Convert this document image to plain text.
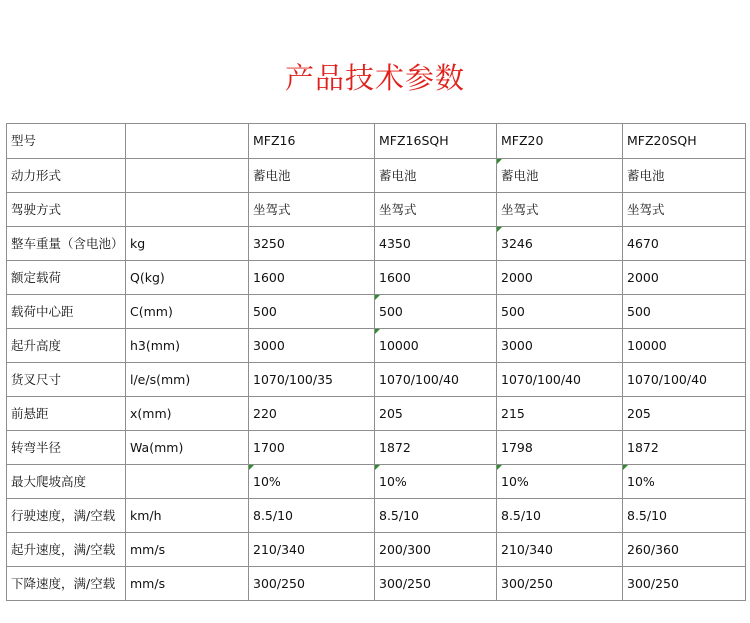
产品技术参数
型号		MFZ16	MFZ16SQH	MFZ20	MFZ20SQH
动力形式		蓄电池	蓄电池	蓄电池	蓄电池
驾驶方式		坐驾式	坐驾式	坐驾式	坐驾式
整车重量（含电池）	kg	3250	4350	3246	4670
额定载荷	Q(kg)	1600	1600	2000	2000
载荷中心距	C(mm)	500	500	500	500
起升高度	h3(mm)	3000	10000	3000	10000
货叉尺寸	l/e/s(mm)	1070/100/35	1070/100/40	1070/100/40	1070/100/40
前悬距	x(mm)	220	205	215	205
转弯半径	Wa(mm)	1700	1872	1798	1872
最大爬坡高度		10%	10%	10%	10%
行驶速度，满/空载	km/h	8.5/10	8.5/10	8.5/10	8.5/10
起升速度，满/空载	mm/s	210/340	200/300	210/340	260/360
下降速度，满/空载	mm/s	300/250	300/250	300/250	300/250
